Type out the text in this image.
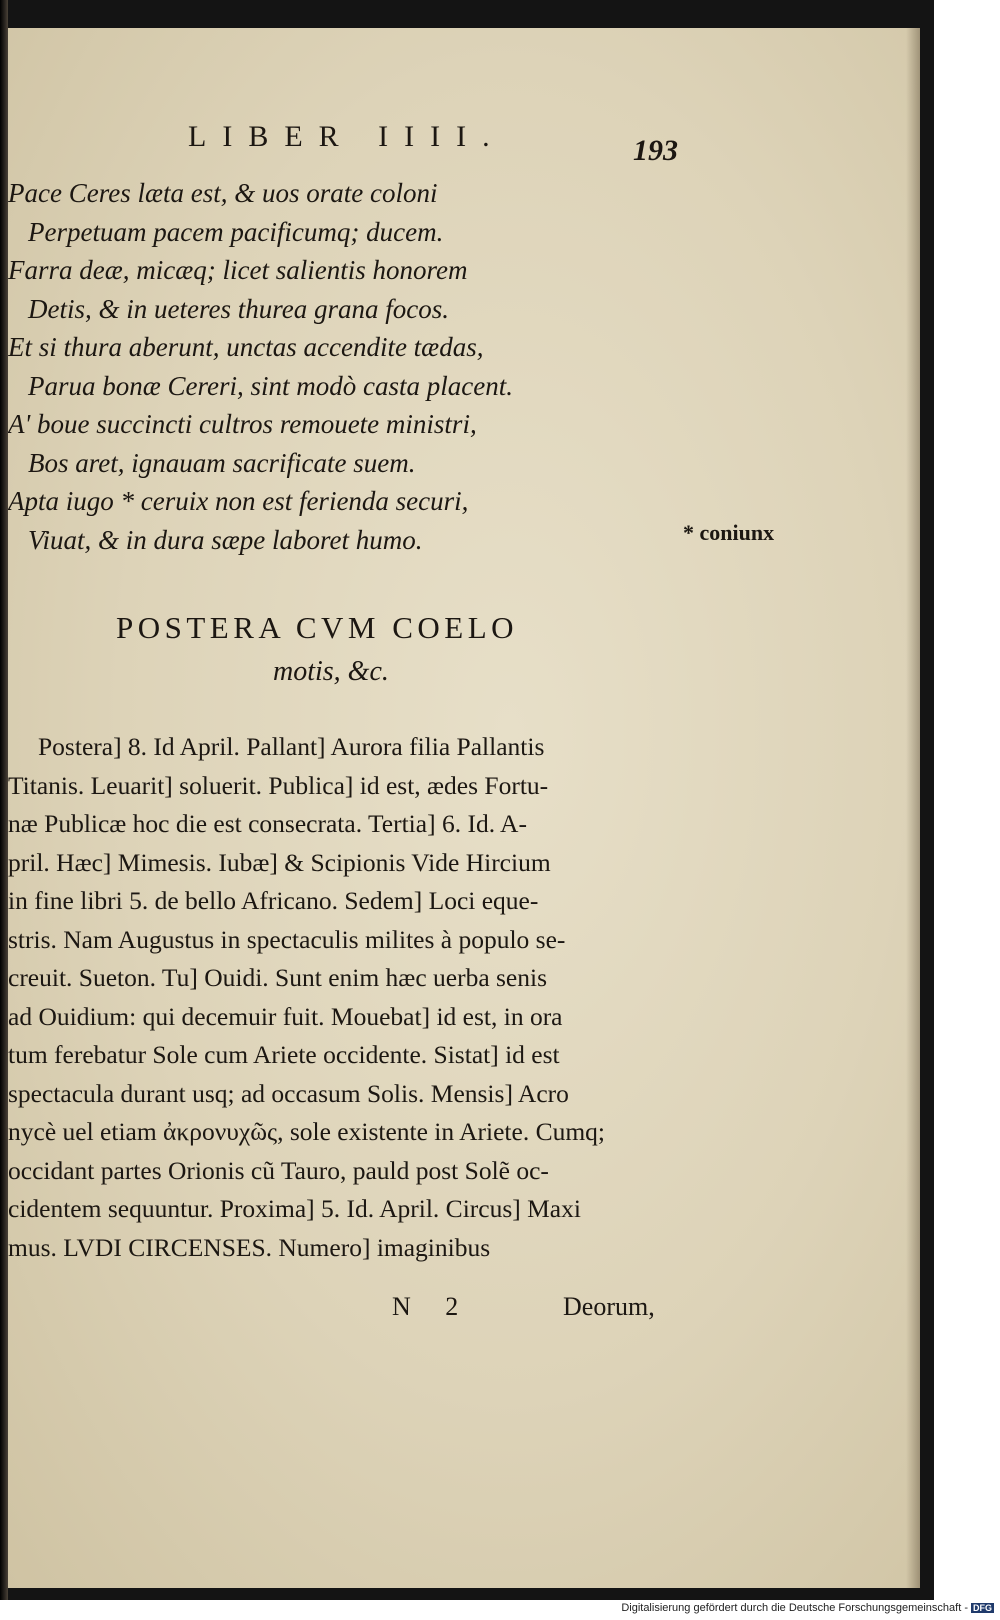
LIBER IIII.	193
Pace Ceres læta est, & uos orate coloni
Perpetuam pacem pacificumq; ducem.
Farra deæ, micæq; licet salientis honorem
Detis, & in ueteres thurea grana focos.
Et si thura aberunt, unctas accendite tædas,
Parua bonæ Cereri, sint modò casta placent.
A' boue succincti cultros remouete ministri,
Bos aret, ignauam sacrificate suem.
Apta iugo * ceruix non est ferienda securi,
Viuat, & in dura sæpe laboret humo.	* coniunx
POSTERA CVM COELO
motis, &c.
Postera] 8. Id April. Pallant] Aurora filia Pallantis
Titanis. Leuarit] soluerit. Publica] id est, ædes Fortu-
næ Publicæ hoc die est consecrata. Tertia] 6. Id. A-
pril. Hæc] Mimesis. Iubæ] & Scipionis Vide Hircium
in fine libri 5. de bello Africano. Sedem] Loci eque-
stris. Nam Augustus in spectaculis milites à populo se-
creuit. Sueton. Tu] Ouidi. Sunt enim hæc uerba senis
ad Ouidium: qui decemuir fuit. Mouebat] id est, in ora
tum ferebatur Sole cum Ariete occidente. Sistat] id est
spectacula durant usq; ad occasum Solis. Mensis] Acro
nycè uel etiam ἀκρονυχῶς, sole existente in Ariete. Cumq;
occidant partes Orionis cũ Tauro, pauld post Solẽ oc-
cidentem sequuntur. Proxima] 5. Id. April. Circus] Maxi
mus. LVDI CIRCENSES. Numero] imaginibus
N 2	Deorum,
Digitalisierung gefördert durch die Deutsche Forschungsgemeinschaft - DFG
